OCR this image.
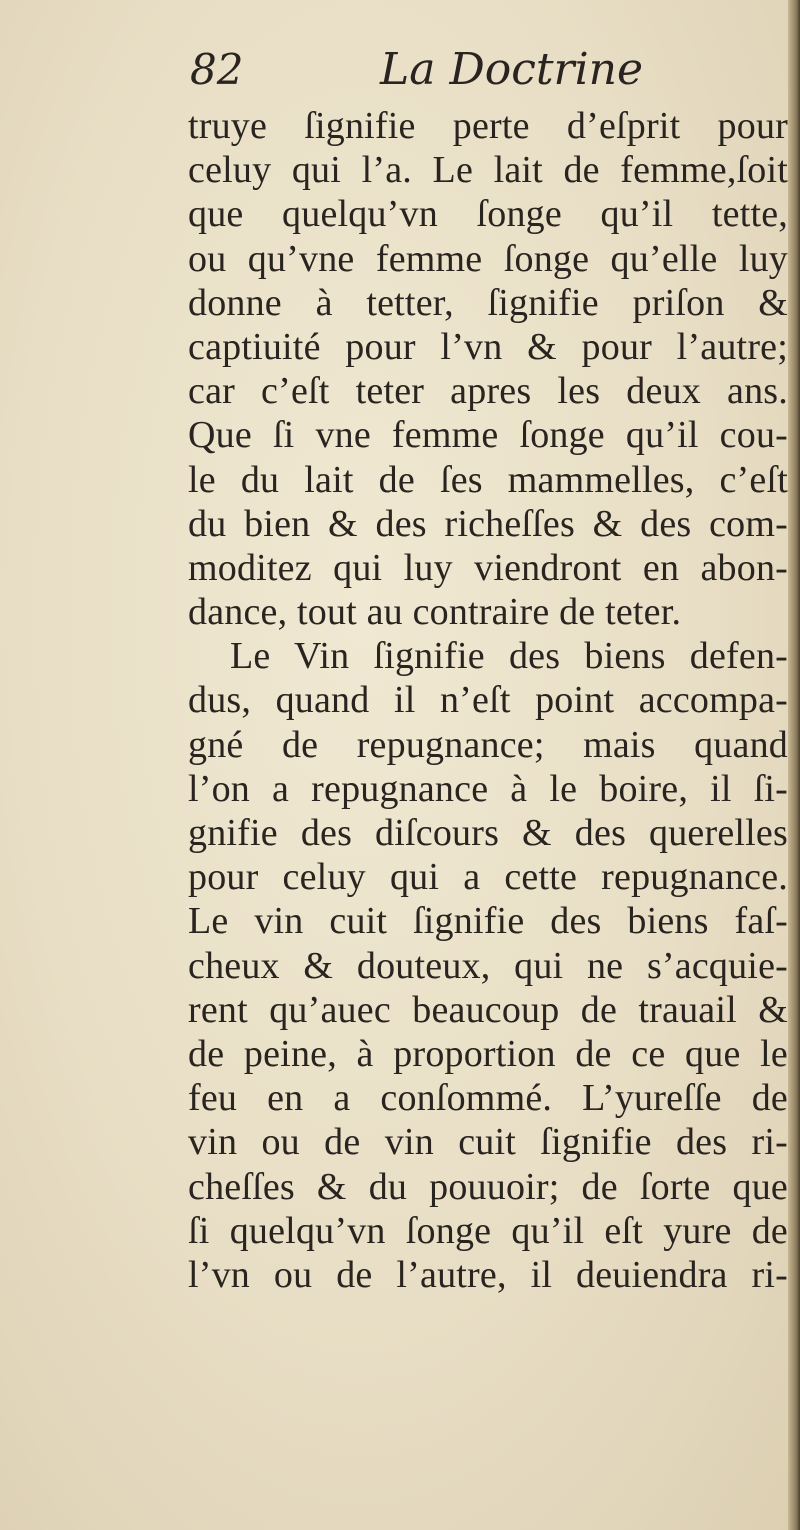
82	La Doctrine
truye ſignifie perte d’eſprit pour
celuy qui l’a. Le lait de femme,ſoit
que quelqu’vn ſonge qu’il tette,
ou qu’vne femme ſonge qu’elle luy
donne à tetter, ſignifie priſon &
captiuité pour l’vn & pour l’autre;
car c’eſt teter apres les deux ans.
Que ſi vne femme ſonge qu’il cou-
le du lait de ſes mammelles, c’eſt
du bien & des richeſſes & des com-
moditez qui luy viendront en abon-
dance, tout au contraire de teter.
Le Vin ſignifie des biens defen-
dus, quand il n’eſt point accompa-
gné de repugnance; mais quand
l’on a repugnance à le boire, il ſi-
gnifie des diſcours & des querelles
pour celuy qui a cette repugnance.
Le vin cuit ſignifie des biens faſ-
cheux & douteux, qui ne s’acquie-
rent qu’auec beaucoup de trauail &
de peine, à proportion de ce que le
feu en a conſommé. L’yureſſe de
vin ou de vin cuit ſignifie des ri-
cheſſes & du pouuoir; de ſorte que
ſi quelqu’vn ſonge qu’il eſt yure de
l’vn ou de l’autre, il deuiendra ri-
